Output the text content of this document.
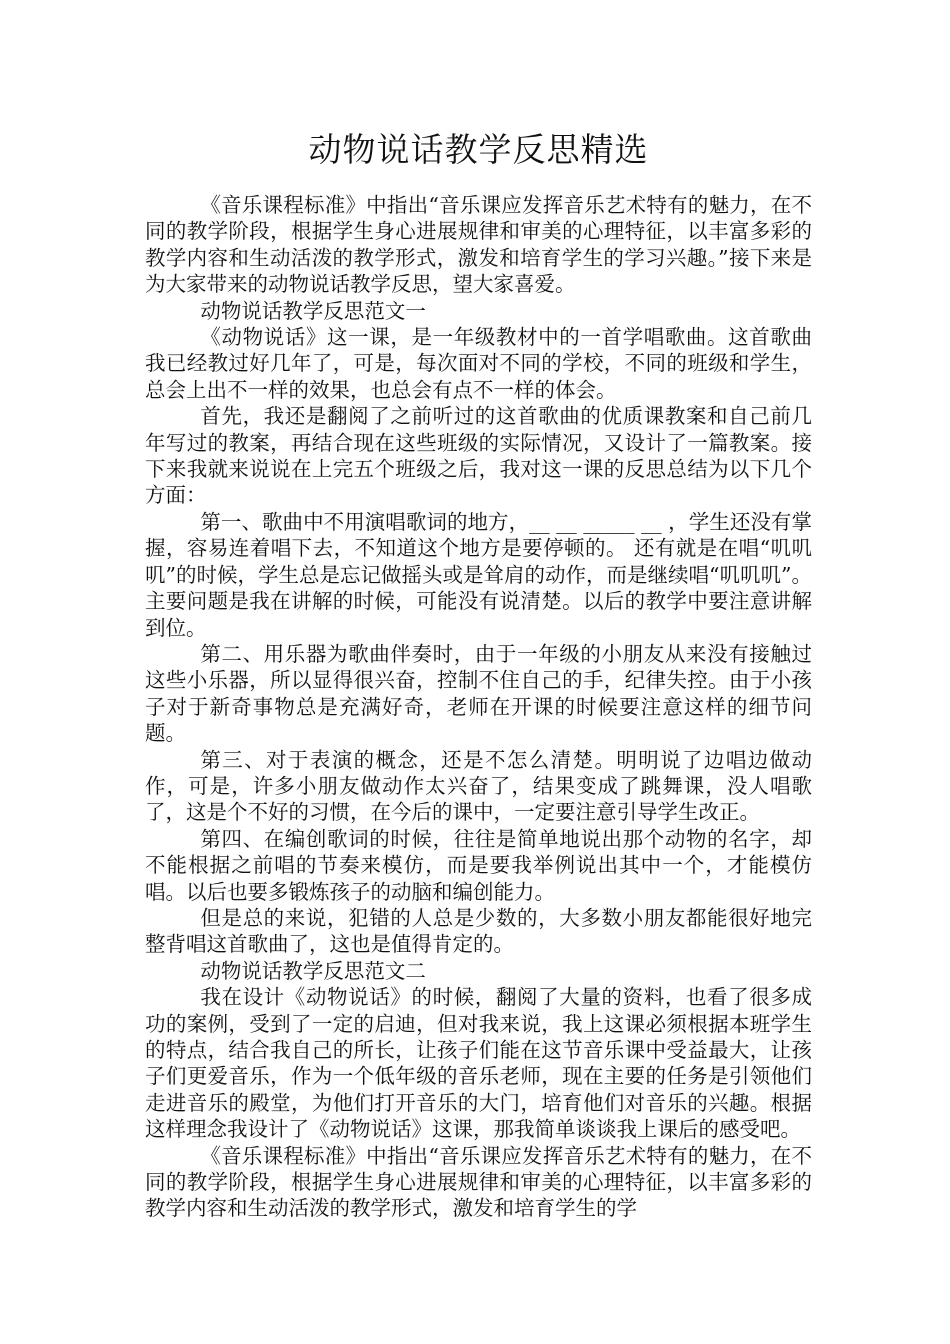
动物说话教学反思精选

《音乐课程标准》中指出“音乐课应发挥音乐艺术特有的魅力，在不同的教学阶段，根据学生身心进展规律和审美的心理特征，以丰富多彩的教学内容和生动活泼的教学形式，激发和培育学生的学习兴趣。”接下来是为大家带来的动物说话教学反思，望大家喜爱。

动物说话教学反思范文一

《动物说话》这一课，是一年级教材中的一首学唱歌曲。这首歌曲我已经教过好几年了，可是，每次面对不同的学校，不同的班级和学生，总会上出不一样的效果，也总会有点不一样的体会。

首先，我还是翻阅了之前听过的这首歌曲的优质课教案和自己前几年写过的教案，再结合现在这些班级的实际情况，又设计了一篇教案。接下来我就来说说在上完五个班级之后，我对这一课的反思总结为以下几个方面：

第一、歌曲中不用演唱歌词的地方，__ __ _____ __ ，学生还没有掌握，容易连着唱下去，不知道这个地方是要停顿的。 还有就是在唱“叽叽叽”的时候，学生总是忘记做摇头或是耸肩的动作，而是继续唱“叽叽叽”。主要问题是我在讲解的时候，可能没有说清楚。以后的教学中要注意讲解到位。

第二、用乐器为歌曲伴奏时，由于一年级的小朋友从来没有接触过这些小乐器，所以显得很兴奋，控制不住自己的手，纪律失控。由于小孩子对于新奇事物总是充满好奇，老师在开课的时候要注意这样的细节问题。

第三、对于表演的概念，还是不怎么清楚。明明说了边唱边做动作，可是，许多小朋友做动作太兴奋了，结果变成了跳舞课，没人唱歌了，这是个不好的习惯，在今后的课中，一定要注意引导学生改正。

第四、在编创歌词的时候，往往是简单地说出那个动物的名字，却不能根据之前唱的节奏来模仿，而是要我举例说出其中一个，才能模仿唱。以后也要多锻炼孩子的动脑和编创能力。

但是总的来说，犯错的人总是少数的，大多数小朋友都能很好地完整背唱这首歌曲了，这也是值得肯定的。

动物说话教学反思范文二

我在设计《动物说话》的时候，翻阅了大量的资料，也看了很多成功的案例，受到了一定的启迪，但对我来说，我上这课必须根据本班学生的特点，结合我自己的所长，让孩子们能在这节音乐课中受益最大，让孩子们更爱音乐，作为一个低年级的音乐老师，现在主要的任务是引领他们走进音乐的殿堂，为他们打开音乐的大门，培育他们对音乐的兴趣。根据这样理念我设计了《动物说话》这课，那我简单谈谈我上课后的感受吧。

《音乐课程标准》中指出“音乐课应发挥音乐艺术特有的魅力，在不同的教学阶段，根据学生身心进展规律和审美的心理特征，以丰富多彩的教学内容和生动活泼的教学形式，激发和培育学生的学
